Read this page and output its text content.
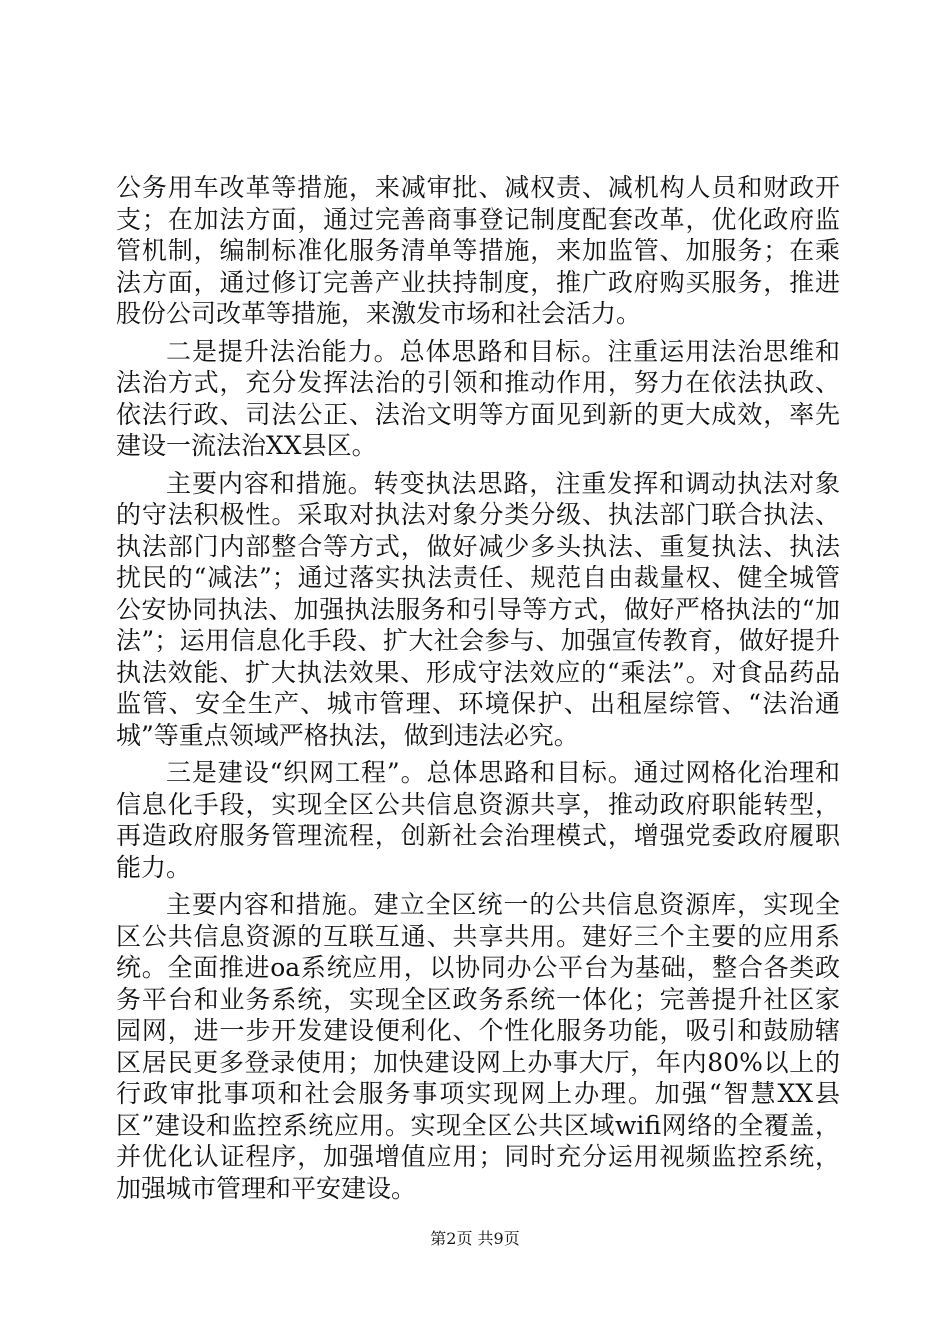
公务用车改革等措施，来减审批、减权责、减机构人员和财政开支；在加法方面，通过完善商事登记制度配套改革，优化政府监管机制，编制标准化服务清单等措施，来加监管、加服务；在乘法方面，通过修订完善产业扶持制度，推广政府购买服务，推进股份公司改革等措施，来激发市场和社会活力。

二是提升法治能力。总体思路和目标。注重运用法治思维和法治方式，充分发挥法治的引领和推动作用，努力在依法执政、依法行政、司法公正、法治文明等方面见到新的更大成效，率先建设一流法治XX县区。

主要内容和措施。转变执法思路，注重发挥和调动执法对象的守法积极性。采取对执法对象分类分级、执法部门联合执法、执法部门内部整合等方式，做好减少多头执法、重复执法、执法扰民的“减法”；通过落实执法责任、规范自由裁量权、健全城管公安协同执法、加强执法服务和引导等方式，做好严格执法的“加法”；运用信息化手段、扩大社会参与、加强宣传教育，做好提升执法效能、扩大执法效果、形成守法效应的“乘法”。对食品药品监管、安全生产、城市管理、环境保护、出租屋综管、“法治通城”等重点领域严格执法，做到违法必究。

三是建设“织网工程”。总体思路和目标。通过网格化治理和信息化手段，实现全区公共信息资源共享，推动政府职能转型，再造政府服务管理流程，创新社会治理模式，增强党委政府履职能力。

主要内容和措施。建立全区统一的公共信息资源库，实现全区公共信息资源的互联互通、共享共用。建好三个主要的应用系统。全面推进oa系统应用，以协同办公平台为基础，整合各类政务平台和业务系统，实现全区政务系统一体化；完善提升社区家园网，进一步开发建设便利化、个性化服务功能，吸引和鼓励辖区居民更多登录使用；加快建设网上办事大厅，年内80%以上的行政审批事项和社会服务事项实现网上办理。加强“智慧XX县区”建设和监控系统应用。实现全区公共区域wifi网络的全覆盖，并优化认证程序，加强增值应用；同时充分运用视频监控系统，加强城市管理和平安建设。

第2页 共9页
